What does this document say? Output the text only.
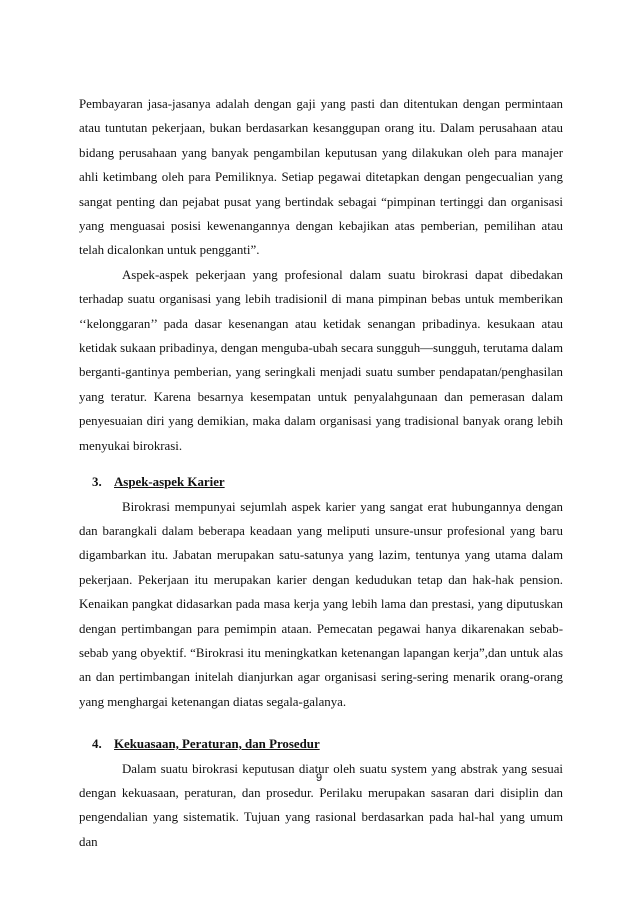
Pembayaran jasa-jasanya adalah dengan gaji yang pasti dan ditentukan dengan permintaan atau tuntutan pekerjaan, bukan berdasarkan kesanggupan orang itu. Dalam perusahaan atau bidang perusahaan yang banyak pengambilan keputusan yang dilakukan oleh para manajer ahli ketimbang oleh para Pemiliknya. Setiap pegawai ditetapkan dengan pengecualian yang sangat penting dan pejabat pusat yang bertindak sebagai “pimpinan tertinggi dan organisasi yang menguasai posisi kewenangannya dengan kebajikan atas pemberian, pemilihan atau telah dicalonkan untuk pengganti”.

Aspek-aspek pekerjaan yang profesional dalam suatu birokrasi dapat dibedakan terhadap suatu organisasi yang lebih tradisionil di mana pimpinan bebas untuk memberikan ‘‘kelonggaran’’ pada dasar kesenangan atau ketidak senangan pribadinya. kesukaan atau ketidak sukaan pribadinya, dengan menguba-ubah secara sungguh—sungguh, terutama dalam berganti-gantinya pemberian, yang seringkali menjadi suatu sumber pendapatan/penghasilan yang teratur. Karena besarnya kesempatan untuk penyalahgunaan dan pemerasan dalam penyesuaian diri yang demikian, maka dalam organisasi yang tradisional banyak orang lebih menyukai birokrasi.

3. Aspek-aspek Karier

Birokrasi mempunyai sejumlah aspek karier yang sangat erat hubungannya dengan dan barangkali dalam beberapa keadaan yang meliputi unsure-unsur profesional yang baru digambarkan itu. Jabatan merupakan satu-satunya yang lazim, tentunya yang utama dalam pekerjaan. Pekerjaan itu merupakan karier dengan kedudukan tetap dan hak-hak pension. Kenaikan pangkat didasarkan pada masa kerja yang lebih lama dan prestasi, yang diputuskan dengan pertimbangan para pemimpin ataan. Pemecatan pegawai hanya dikarenakan sebab-sebab yang obyektif. “Birokrasi itu meningkatkan ketenangan lapangan kerja”,dan untuk alas an dan pertimbangan initelah dianjurkan agar organisasi sering-sering menarik orang-orang yang menghargai ketenangan diatas segala-galanya.

4. Kekuasaan, Peraturan, dan Prosedur

Dalam suatu birokrasi keputusan diatur oleh suatu system yang abstrak yang sesuai dengan kekuasaan, peraturan, dan prosedur. Perilaku merupakan sasaran dari disiplin dan pengendalian yang sistematik. Tujuan yang rasional berdasarkan pada hal-hal yang umum dan

9
